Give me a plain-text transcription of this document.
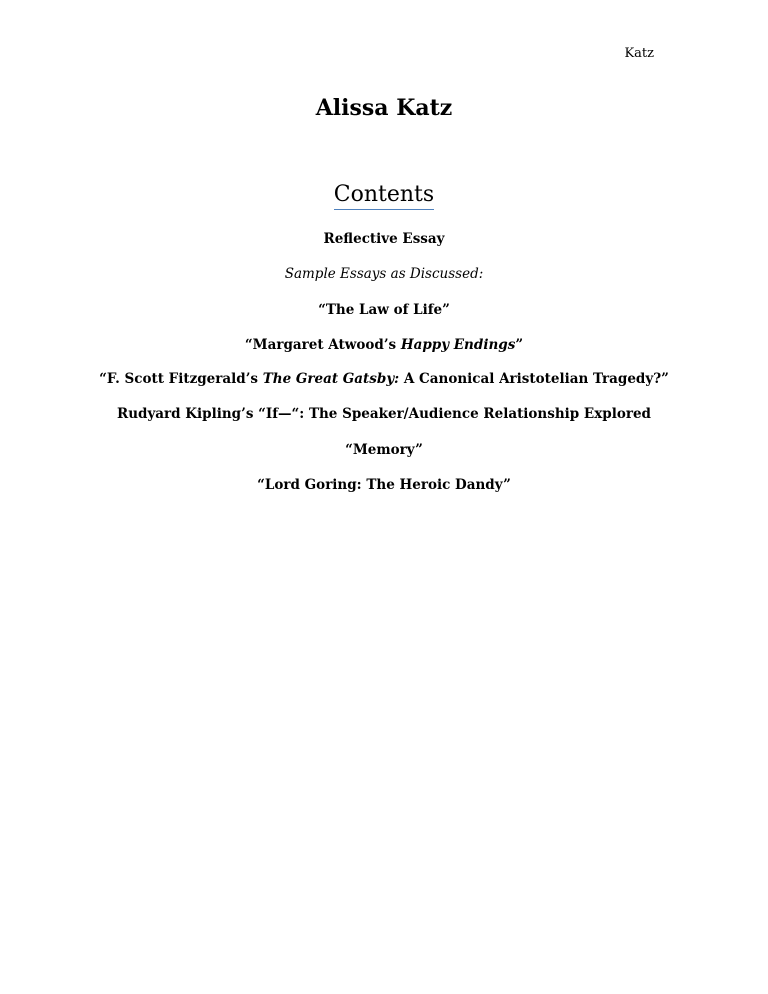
Katz
Alissa Katz
Contents
Reflective Essay
Sample Essays as Discussed:
“The Law of Life”
“Margaret Atwood’s Happy Endings”
“F. Scott Fitzgerald’s The Great Gatsby: A Canonical Aristotelian Tragedy?”
Rudyard Kipling’s “If—“: The Speaker/Audience Relationship Explored
“Memory”
“Lord Goring: The Heroic Dandy”
